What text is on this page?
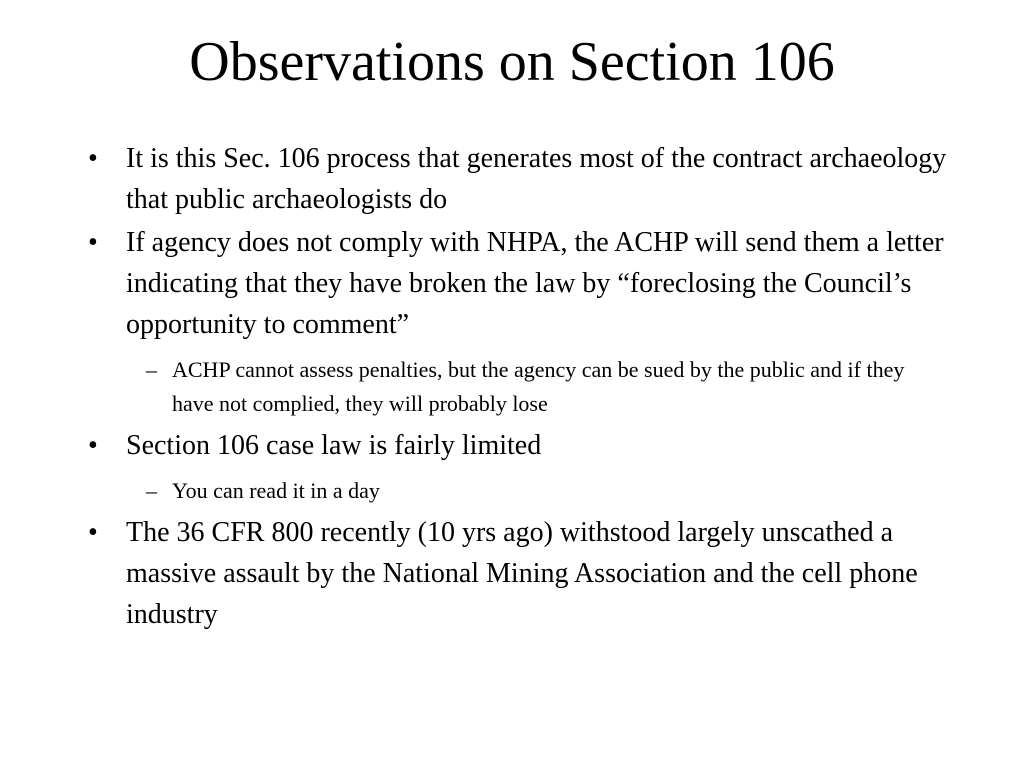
Observations on Section 106
•	It is this Sec. 106 process that generates most of the contract archaeology that public archaeologists do
•	If agency does not comply with NHPA, the ACHP will send them a letter indicating that they have broken the law by “foreclosing the Council’s opportunity to comment”
– ACHP cannot assess penalties, but the agency can be sued by the public and if they have not complied, they will probably lose
•	Section 106 case law is fairly limited
– You can read it in a day
•	The 36 CFR 800 recently (10 yrs ago) withstood largely unscathed a massive assault by the National Mining Association and the cell phone industry
